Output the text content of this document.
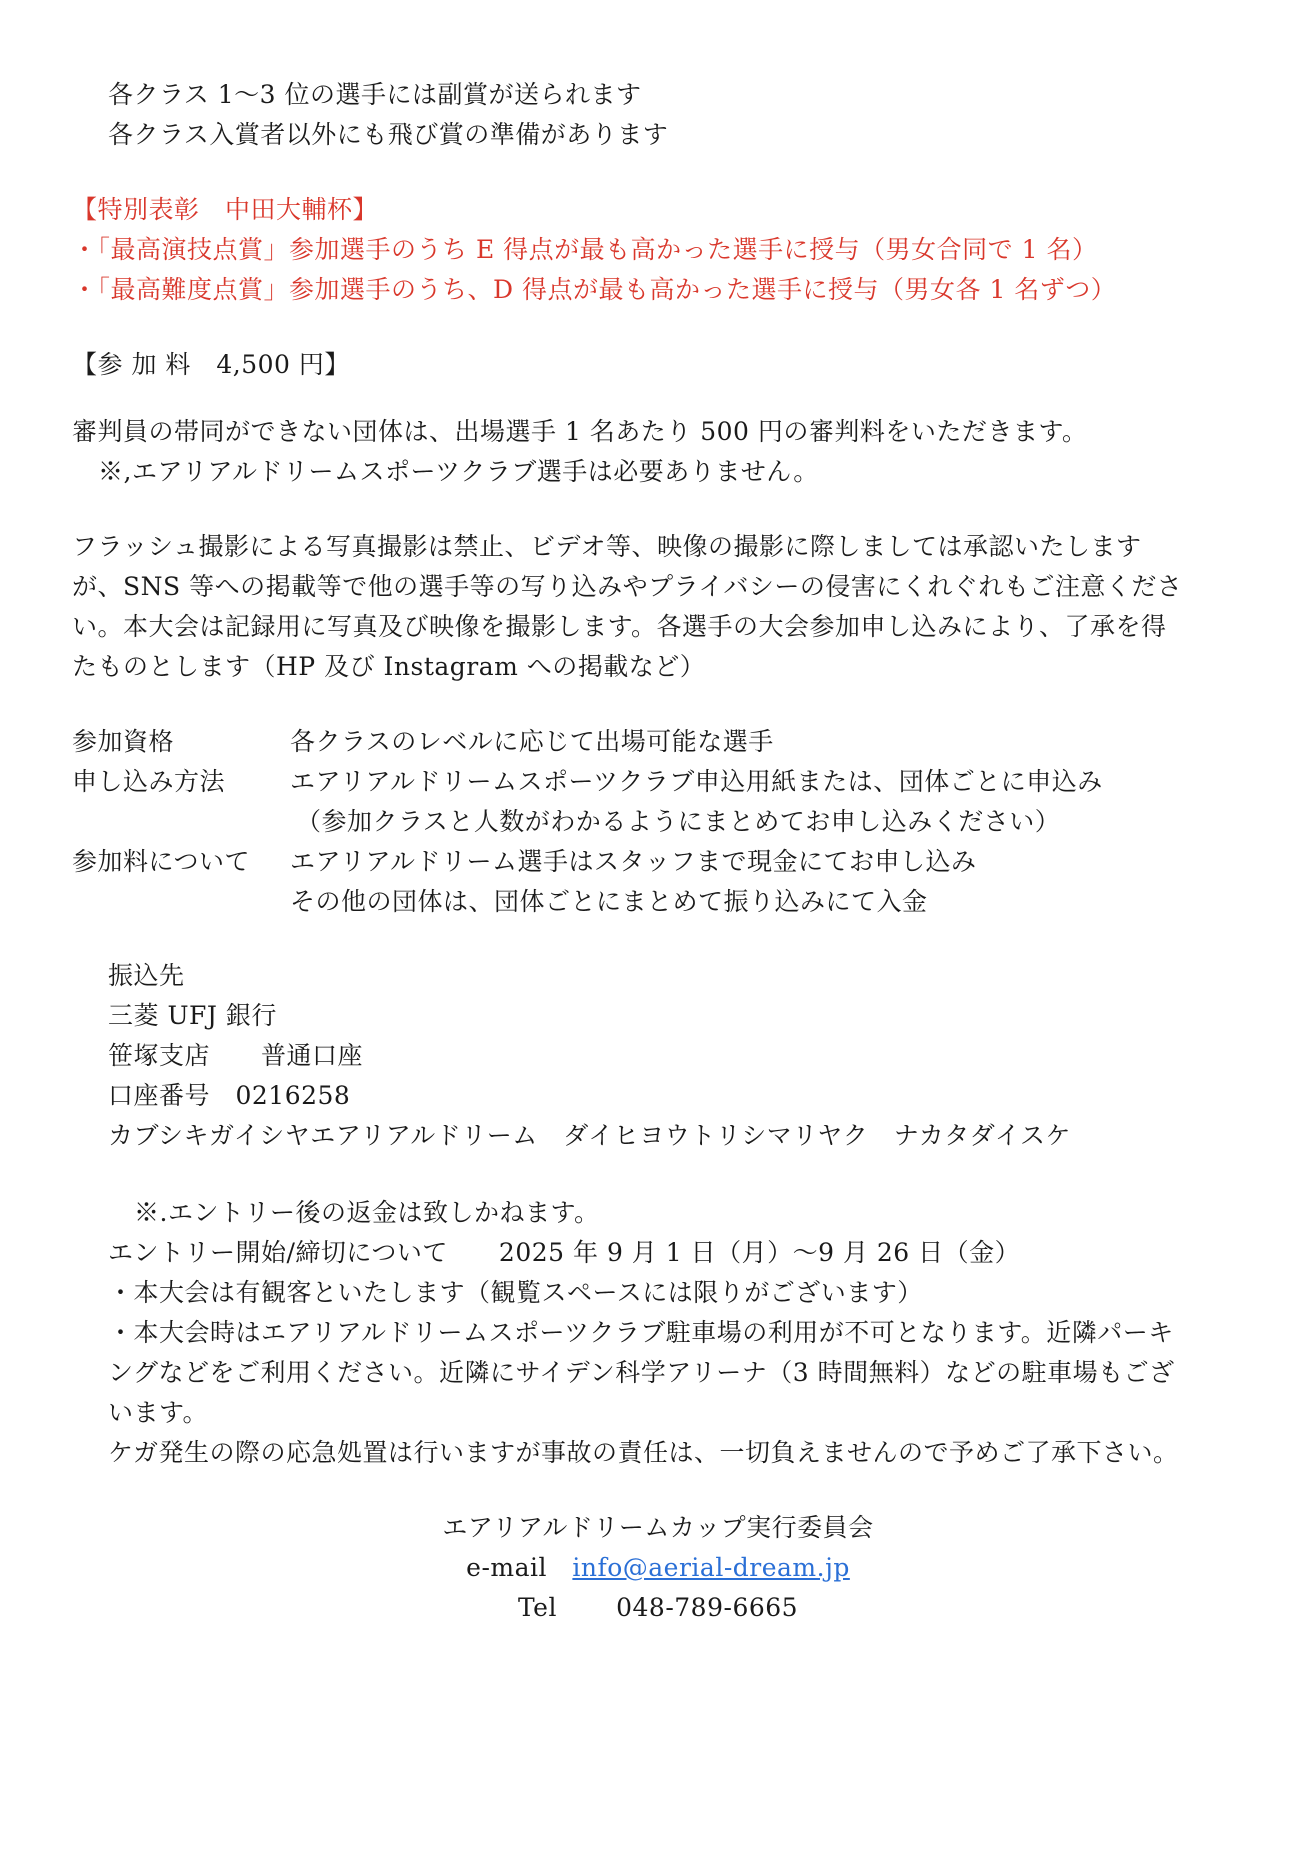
各クラス 1〜3 位の選手には副賞が送られます
各クラス入賞者以外にも飛び賞の準備があります
【特別表彰　中田大輔杯】
・「最高演技点賞」参加選手のうち E 得点が最も高かった選手に授与（男女合同で 1 名）
・「最高難度点賞」参加選手のうち、D 得点が最も高かった選手に授与（男女各 1 名ずつ）
【参 加 料　4,500 円】
審判員の帯同ができない団体は、出場選手 1 名あたり 500 円の審判料をいただきます。
※,エアリアルドリームスポーツクラブ選手は必要ありません。
フラッシュ撮影による写真撮影は禁止、ビデオ等、映像の撮影に際しましては承認いたします
が、SNS 等への掲載等で他の選手等の写り込みやプライバシーの侵害にくれぐれもご注意くださ
い。本大会は記録用に写真及び映像を撮影します。各選手の大会参加申し込みにより、了承を得
たものとします（HP 及び Instagram への掲載など）
参加資格	各クラスのレベルに応じて出場可能な選手
申し込み方法	エアリアルドリームスポーツクラブ申込用紙または、団体ごとに申込み
（参加クラスと人数がわかるようにまとめてお申し込みください）
参加料について エアリアルドリーム選手はスタッフまで現金にてお申し込み
その他の団体は、団体ごとにまとめて振り込みにて入金
振込先
三菱 UFJ 銀行
笹塚支店　　普通口座
口座番号　0216258
カブシキガイシヤエアリアルドリーム　ダイヒヨウトリシマリヤク　ナカタダイスケ
※.エントリー後の返金は致しかねます。
エントリー開始/締切について　　2025 年 9 月 1 日（月）〜9 月 26 日（金）
・本大会は有観客といたします（観覧スペースには限りがございます）
・本大会時はエアリアルドリームスポーツクラブ駐車場の利用が不可となります。近隣パーキ
ングなどをご利用ください。近隣にサイデン科学アリーナ（3 時間無料）などの駐車場もござ
います。
ケガ発生の際の応急処置は行いますが事故の責任は、一切負えませんので予めご了承下さい。
エアリアルドリームカップ実行委員会
e-mail info@aerial-dream.jp
Tel 048-789-6665
